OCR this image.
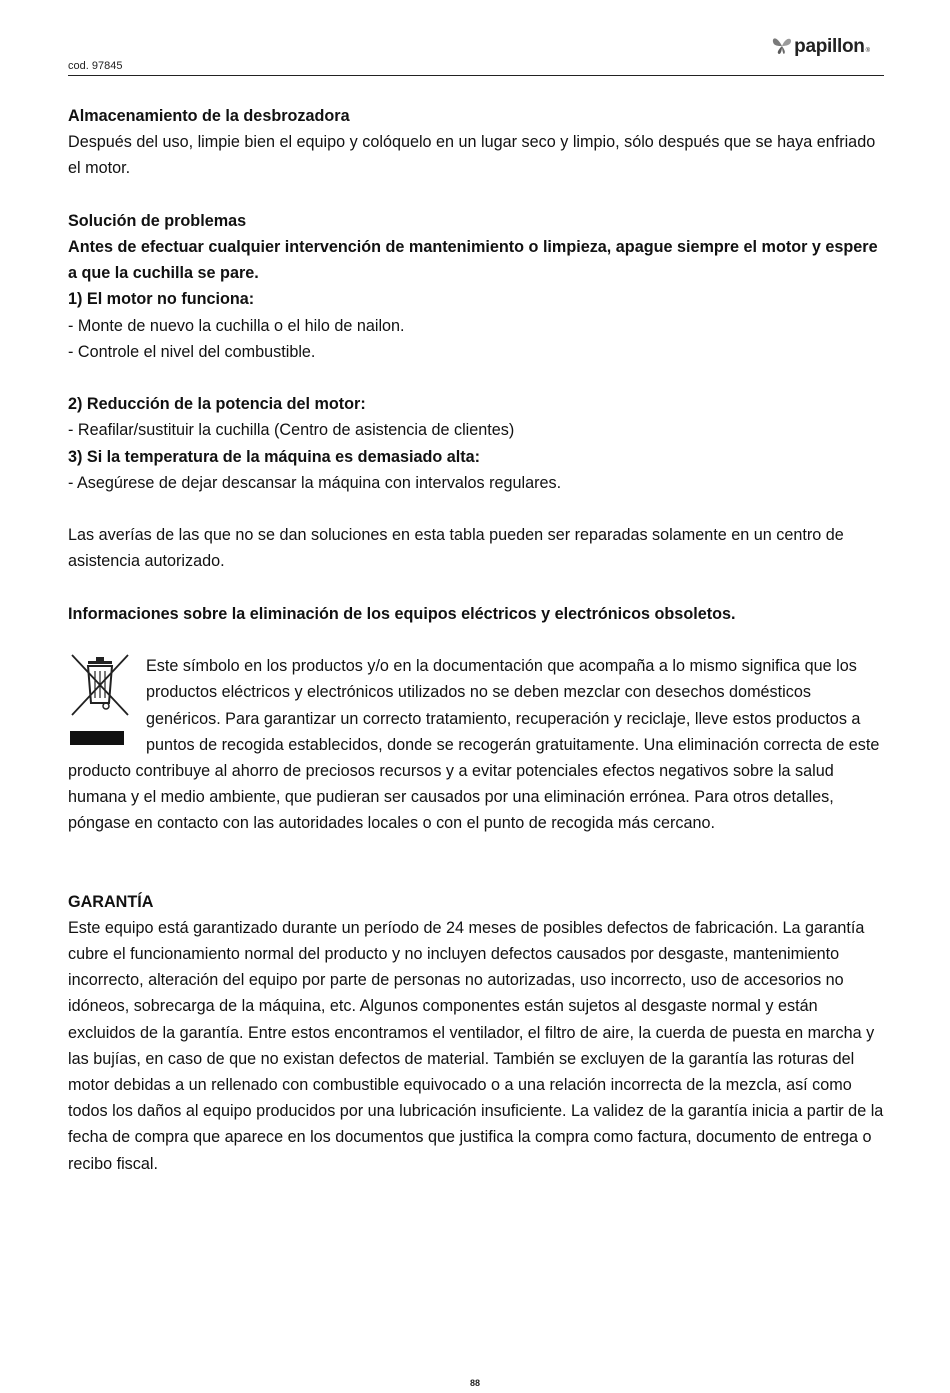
cod. 97845
papillon ®

Almacenamiento de la desbrozadora

Después del uso, limpie bien el equipo y colóquelo en un lugar seco y limpio, sólo después que se haya enfriado el motor.

Solución de problemas

Antes de efectuar cualquier intervención de mantenimiento o limpieza, apague siempre el motor y espere a que la cuchilla se pare.

1) El motor no funciona:

- Monte de nuevo la cuchilla o el hilo de nailon.

- Controle el nivel del combustible.

2) Reducción de la potencia del motor:

- Reafilar/sustituir la cuchilla (Centro de asistencia de clientes)

3) Si la temperatura de la máquina es demasiado alta:

- Asegúrese de dejar descansar la máquina con intervalos regulares.

Las averías de las que no se dan soluciones en esta tabla pueden ser reparadas solamente en un centro de asistencia autorizado.

Informaciones sobre la eliminación de los equipos eléctricos y electrónicos obsoletos.

Este símbolo en los productos y/o en la documentación que acompaña a lo mismo significa que los productos eléctricos y electrónicos utilizados no se deben mezclar con desechos domésticos genéricos. Para garantizar un correcto tratamiento, recuperación y reciclaje, lleve estos productos a puntos de recogida establecidos, donde se recogerán gratuitamente. Una eliminación correcta de este producto contribuye al ahorro de preciosos recursos y a evitar potenciales efectos negativos sobre la salud humana y el medio ambiente, que pudieran ser causados por una eliminación errónea. Para otros detalles, póngase en contacto con las autoridades locales o con el punto de recogida más cercano.

GARANTÍA

Este equipo está garantizado durante un período de 24 meses de posibles defectos de fabricación. La garantía cubre el funcionamiento normal del producto y no incluyen defectos causados por desgaste, mantenimiento incorrecto, alteración del equipo por parte de personas no autorizadas, uso incorrecto, uso de accesorios no idóneos, sobrecarga de la máquina, etc. Algunos componentes están sujetos al desgaste normal y están excluidos de la garantía. Entre estos encontramos el ventilador, el filtro de aire, la cuerda de puesta en marcha y las bujías, en caso de que no existan defectos de material. También se excluyen de la garantía las roturas del motor debidas a un rellenado con combustible equivocado o a una relación incorrecta de la mezcla, así como todos los daños al equipo producidos por una lubricación insuficiente. La validez de la garantía inicia a partir de la fecha de compra que aparece en los documentos que justifica la compra como factura, documento de entrega o recibo fiscal.

88
